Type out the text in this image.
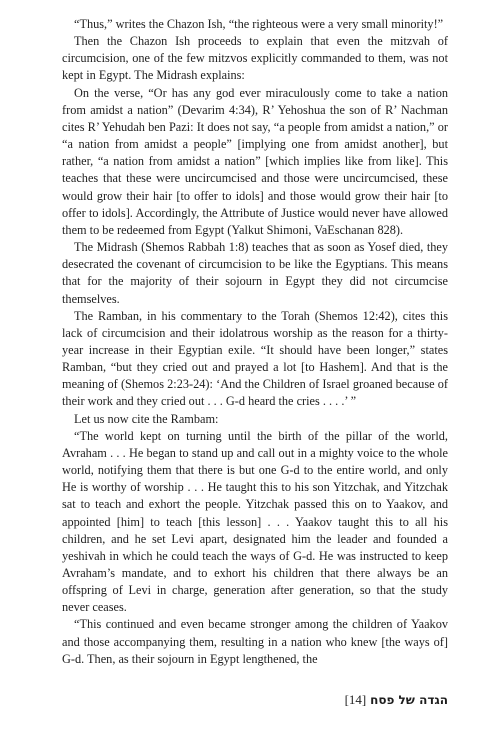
“Thus,” writes the Chazon Ish, “the righteous were a very small minority!”

Then the Chazon Ish proceeds to explain that even the mitzvah of circumcision, one of the few mitzvos explicitly commanded to them, was not kept in Egypt. The Midrash explains:

On the verse, “Or has any god ever miraculously come to take a nation from amidst a nation” (Devarim 4:34), R’ Yehoshua the son of R’ Nachman cites R’ Yehudah ben Pazi: It does not say, “a people from amidst a nation,” or “a nation from amidst a people” [implying one from amidst another], but rather, “a nation from amidst a nation” [which implies like from like]. This teaches that these were uncircumcised and those were uncircumcised, these would grow their hair [to offer to idols] and those would grow their hair [to offer to idols]. Accordingly, the Attribute of Justice would never have allowed them to be redeemed from Egypt (Yalkut Shimoni, VaEschanan 828).

The Midrash (Shemos Rabbah 1:8) teaches that as soon as Yosef died, they desecrated the covenant of circumcision to be like the Egyptians. This means that for the majority of their sojourn in Egypt they did not circumcise themselves.

The Ramban, in his commentary to the Torah (Shemos 12:42), cites this lack of circumcision and their idolatrous worship as the reason for a thirty-year increase in their Egyptian exile. “It should have been longer,” states Ramban, “but they cried out and prayed a lot [to Hashem]. And that is the meaning of (Shemos 2:23-24): ‘And the Children of Israel groaned because of their work and they cried out . . . G-d heard the cries . . . .’ ”

Let us now cite the Rambam:

“The world kept on turning until the birth of the pillar of the world, Avraham . . . He began to stand up and call out in a mighty voice to the whole world, notifying them that there is but one G-d to the entire world, and only He is worthy of worship . . . He taught this to his son Yitzchak, and Yitzchak sat to teach and exhort the people. Yitzchak passed this on to Yaakov, and appointed [him] to teach [this lesson] . . . Yaakov taught this to all his children, and he set Levi apart, designated him the leader and founded a yeshivah in which he could teach the ways of G-d. He was instructed to keep Avraham’s mandate, and to exhort his children that there always be an offspring of Levi in charge, generation after generation, so that the study never ceases.

“This continued and even became stronger among the children of Yaakov and those accompanying them, resulting in a nation who knew [the ways of] G-d. Then, as their sojourn in Egypt lengthened, the

הגדה של פסח [14]
